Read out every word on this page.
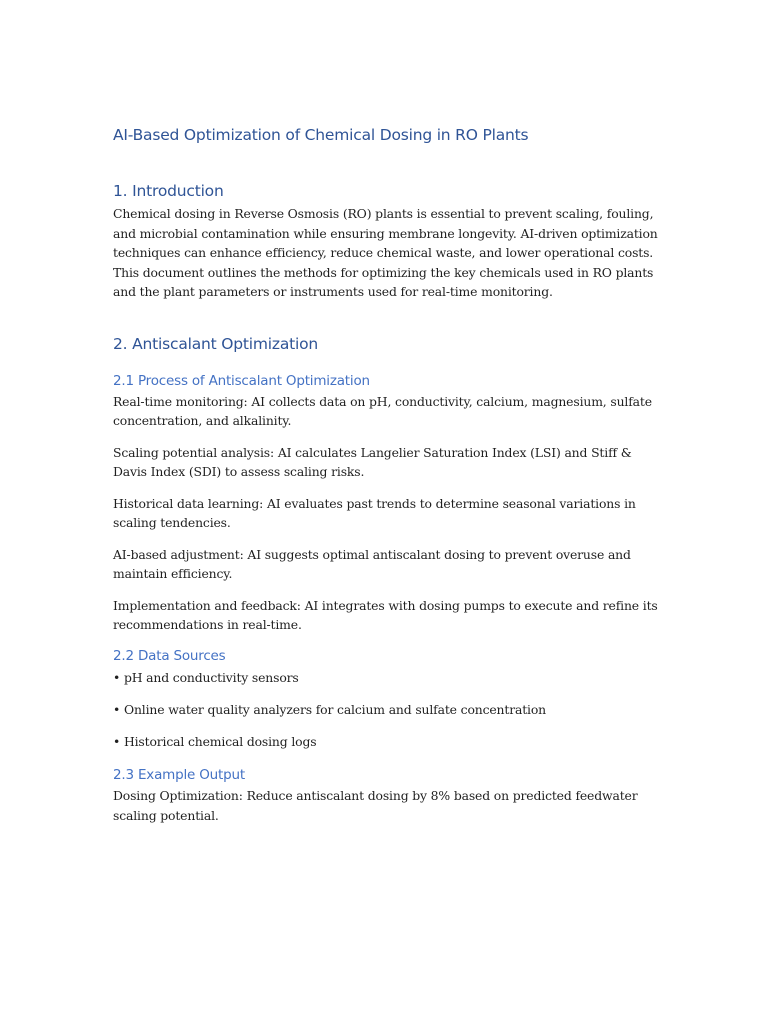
AI-Based Optimization of Chemical Dosing in RO Plants
1. Introduction

Chemical dosing in Reverse Osmosis (RO) plants is essential to prevent scaling, fouling, and microbial contamination while ensuring membrane longevity. AI-driven optimization techniques can enhance efficiency, reduce chemical waste, and lower operational costs. This document outlines the methods for optimizing the key chemicals used in RO plants and the plant parameters or instruments used for real-time monitoring.

2. Antiscalant Optimization
2.1 Process of Antiscalant Optimization

Real-time monitoring: AI collects data on pH, conductivity, calcium, magnesium, sulfate concentration, and alkalinity.

Scaling potential analysis: AI calculates Langelier Saturation Index (LSI) and Stiff & Davis Index (SDI) to assess scaling risks.

Historical data learning: AI evaluates past trends to determine seasonal variations in scaling tendencies.

AI-based adjustment: AI suggests optimal antiscalant dosing to prevent overuse and maintain efficiency.

Implementation and feedback: AI integrates with dosing pumps to execute and refine its recommendations in real-time.

2.2 Data Sources
• pH and conductivity sensors
• Online water quality analyzers for calcium and sulfate concentration
• Historical chemical dosing logs
2.3 Example Output

Dosing Optimization: Reduce antiscalant dosing by 8% based on predicted feedwater scaling potential.
